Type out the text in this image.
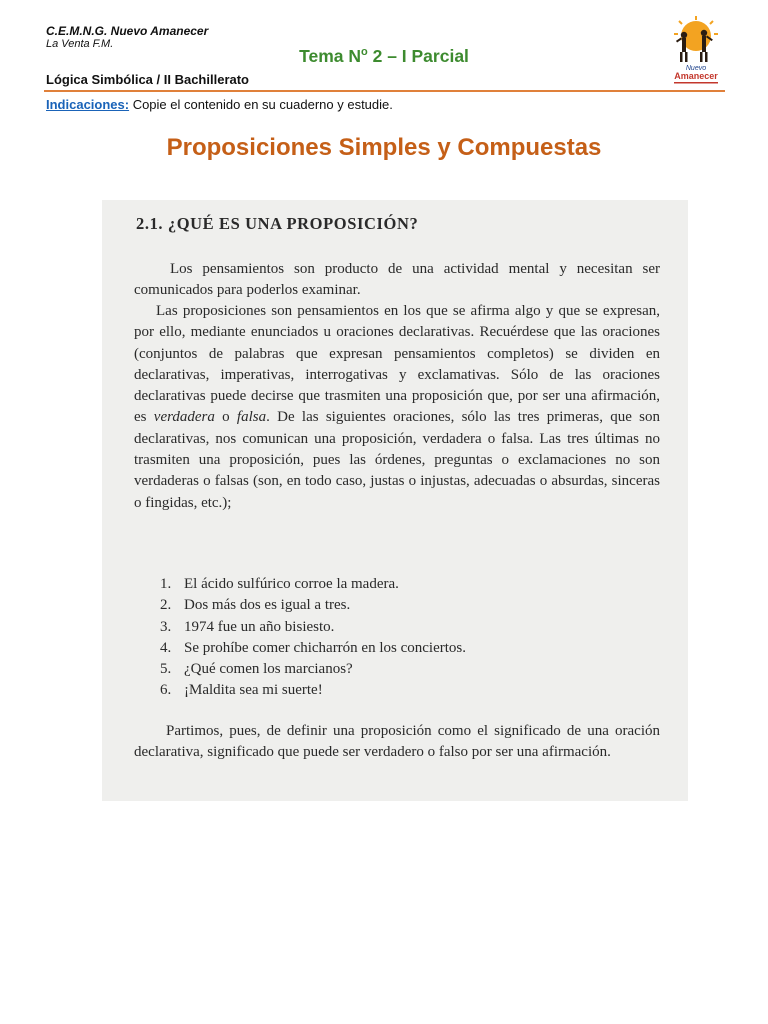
C.E.M.N.G. Nuevo Amanecer
La Venta F.M.
Tema $N^o$ 2 – I Parcial
Lógica Simbólica / II Bachillerato
Nuevo
Amanecer
Indicaciones: Copie el contenido en su cuaderno y estudie.
Proposiciones Simples y Compuestas
2.1. ¿QUÉ ES UNA PROPOSICIÓN?
Los pensamientos son producto de una actividad mental y necesitan ser comunicados para poderlos examinar.
Las proposiciones son pensamientos en los que se afirma algo y que se expresan, por ello, mediante enunciados u oraciones declarativas. Recuérdese que las oraciones (conjuntos de palabras que expresan pensamientos completos) se dividen en declarativas, imperativas, interrogativas y exclamativas. Sólo de las oraciones declarativas puede decirse que trasmiten una proposición que, por ser una afirmación, es verdadera o falsa. De las siguientes oraciones, sólo las tres primeras, que son declarativas, nos comunican una proposición, verdadera o falsa. Las tres últimas no trasmiten una proposición, pues las órdenes, preguntas o exclamaciones no son verdaderas o falsas (son, en todo caso, justas o injustas, adecuadas o absurdas, sinceras o fingidas, etc.);
1. El ácido sulfúrico corroe la madera.
2. Dos más dos es igual a tres.
3. 1974 fue un año bisiesto.
4. Se prohíbe comer chicharrón en los conciertos.
5. ¿Qué comen los marcianos?
6. ¡Maldita sea mi suerte!
Partimos, pues, de definir una proposición como el significado de una oración declarativa, significado que puede ser verdadero o falso por ser una afirmación.
